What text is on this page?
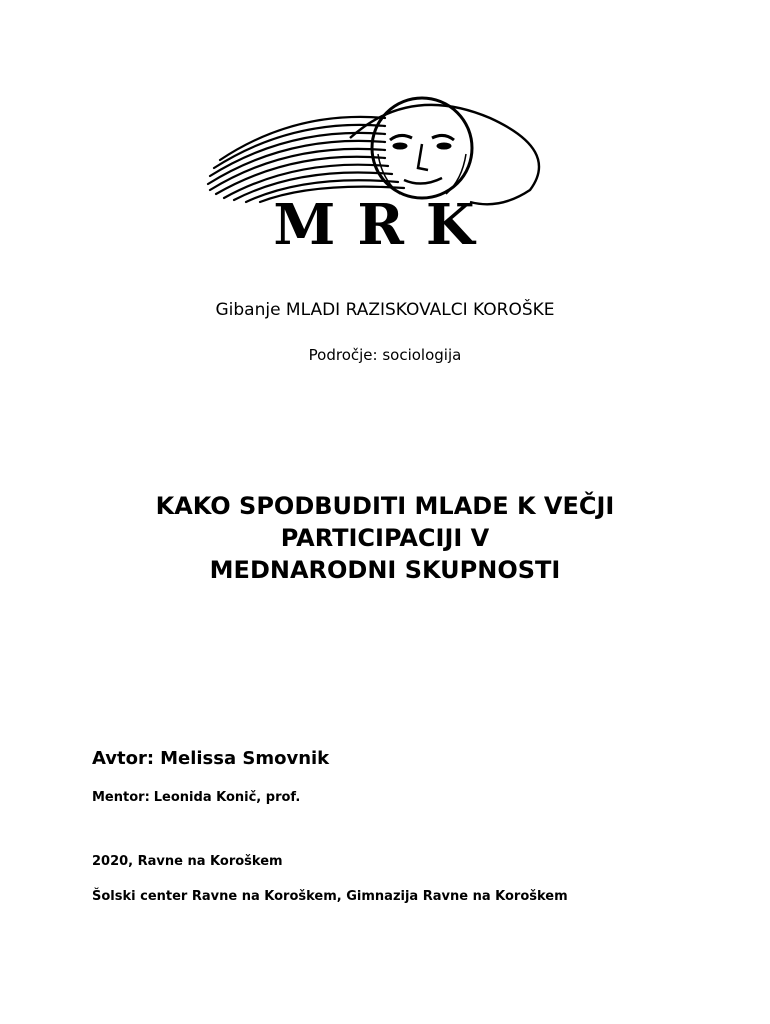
MRK
Gibanje MLADI RAZISKOVALCI KOROŠKE
Področje: sociologija
KAKO SPODBUDITI MLADE K VEČJI
PARTICIPACIJI V
MEDNARODNI SKUPNOSTI
Avtor: Melissa Smovnik
Mentor: Leonida Konič, prof.
2020, Ravne na Koroškem
Šolski center Ravne na Koroškem, Gimnazija Ravne na Koroškem
